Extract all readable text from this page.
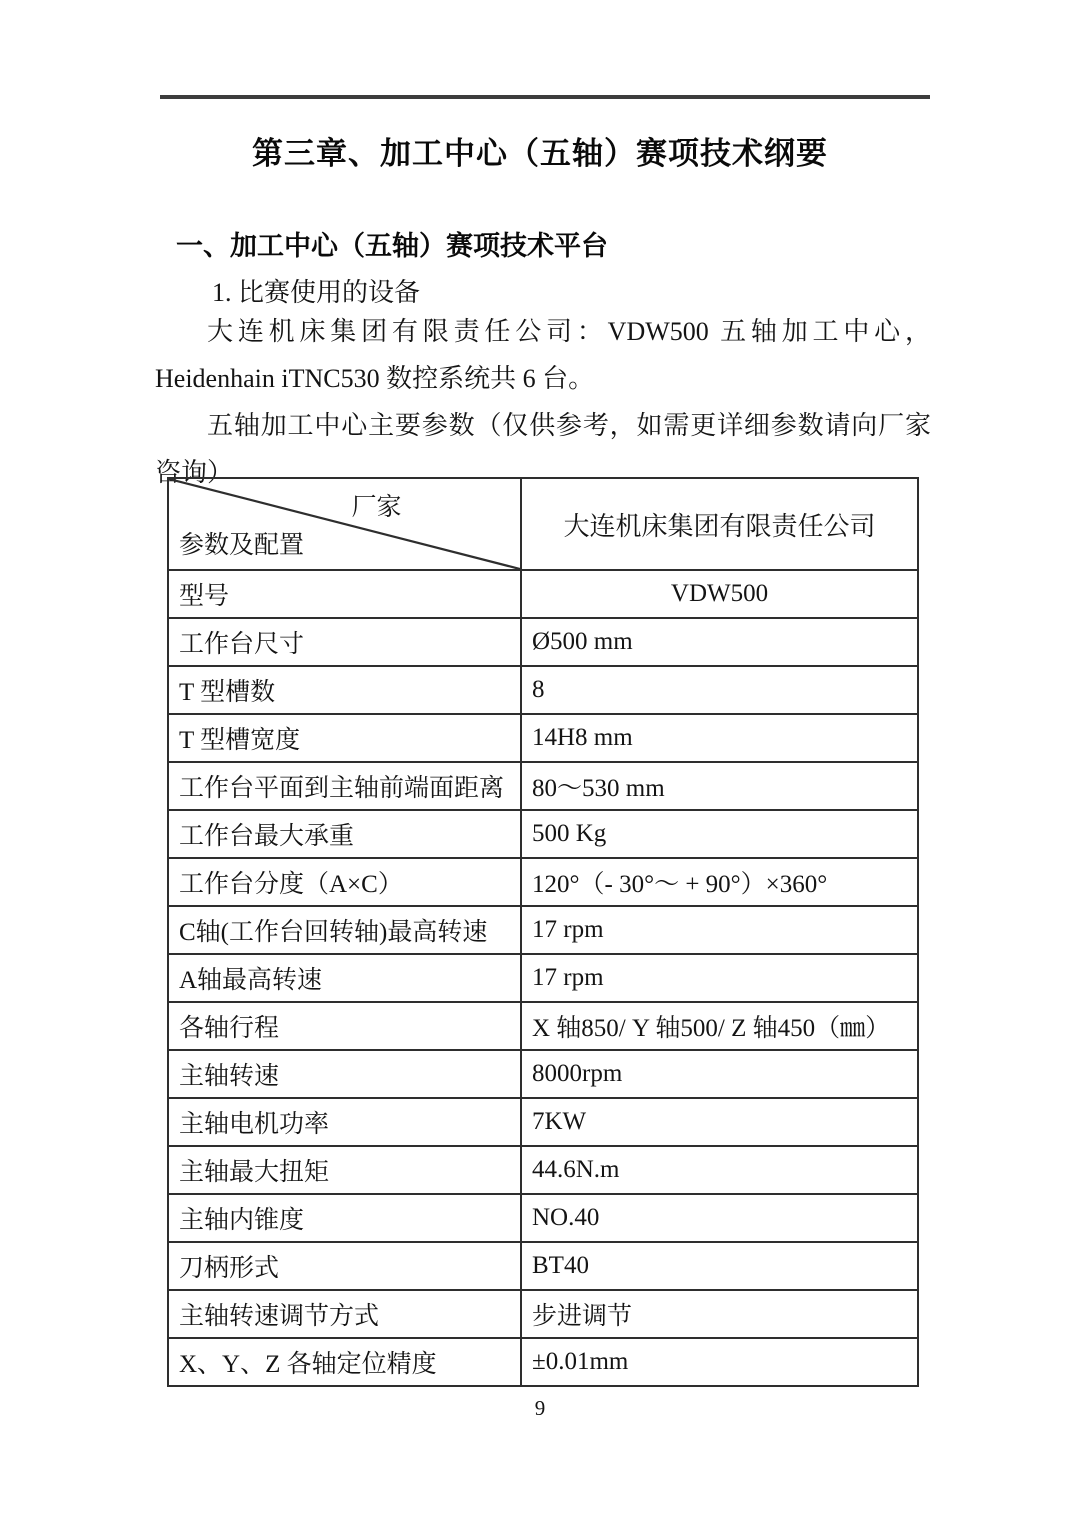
第三章、加工中心（五轴）赛项技术纲要
一、加工中心（五轴）赛项技术平台
1. 比赛使用的设备

大连机床集团有限责任公司：VDW500 五轴加工中心，Heidenhain iTNC530 数控系统共 6 台。

五轴加工中心主要参数（仅供参考，如需更详细参数请向厂家咨询）

厂家
参数及配置	大连机床集团有限责任公司
型号	VDW500
工作台尺寸	Ø500 mm
T 型槽数	8
T 型槽宽度	14H8 mm
工作台平面到主轴前端面距离	80～530 mm
工作台最大承重	500 Kg
工作台分度（A×C）	120°（- 30°～ + 90°）×360°
C轴(工作台回转轴)最高转速	17 rpm
A轴最高转速	17 rpm
各轴行程	X 轴850/ Y 轴500/ Z 轴450（㎜）
主轴转速	8000rpm
主轴电机功率	7KW
主轴最大扭矩	44.6N.m
主轴内锥度	NO.40
刀柄形式	BT40
主轴转速调节方式	步进调节
X、Y、Z 各轴定位精度	±0.01mm
9
